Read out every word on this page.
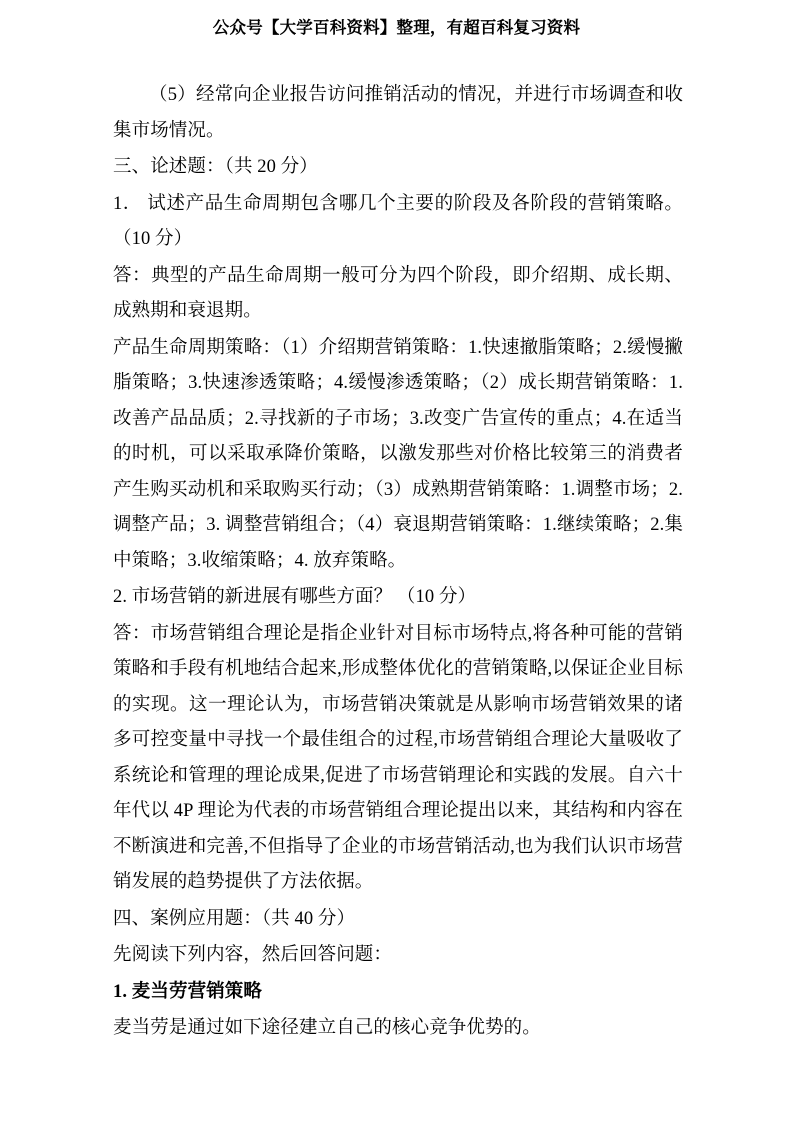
公众号【大学百科资料】整理，有超百科复习资料

（5）经常向企业报告访问推销活动的情况，并进行市场调查和收集市场情况。

三、论述题：（共 20 分）

1． 试述产品生命周期包含哪几个主要的阶段及各阶段的营销策略。（10 分）

答：典型的产品生命周期一般可分为四个阶段，即介绍期、成长期、成熟期和衰退期。

产品生命周期策略：（1）介绍期营销策略：1.快速撤脂策略；2.缓慢撇脂策略；3.快速渗透策略；4.缓慢渗透策略；（2）成长期营销策略：1. 改善产品品质；2.寻找新的子市场；3.改变广告宣传的重点；4.在适当的时机，可以采取承降价策略，以激发那些对价格比较第三的消费者产生购买动机和采取购买行动；（3）成熟期营销策略：1.调整市场；2.调整产品；3. 调整营销组合；（4）衰退期营销策略：1.继续策略；2.集中策略；3.收缩策略；4. 放弃策略。

2. 市场营销的新进展有哪些方面？ （10 分）

答：市场营销组合理论是指企业针对目标市场特点,将各种可能的营销策略和手段有机地结合起来,形成整体优化的营销策略,以保证企业目标的实现。这一理论认为，市场营销决策就是从影响市场营销效果的诸多可控变量中寻找一个最佳组合的过程,市场营销组合理论大量吸收了系统论和管理的理论成果,促进了市场营销理论和实践的发展。自六十年代以 4P 理论为代表的市场营销组合理论提出以来，其结构和内容在不断演进和完善,不但指导了企业的市场营销活动,也为我们认识市场营销发展的趋势提供了方法依据。

四、案例应用题：（共 40 分）

先阅读下列内容，然后回答问题：

1. 麦当劳营销策略

麦当劳是通过如下途径建立自己的核心竞争优势的。
